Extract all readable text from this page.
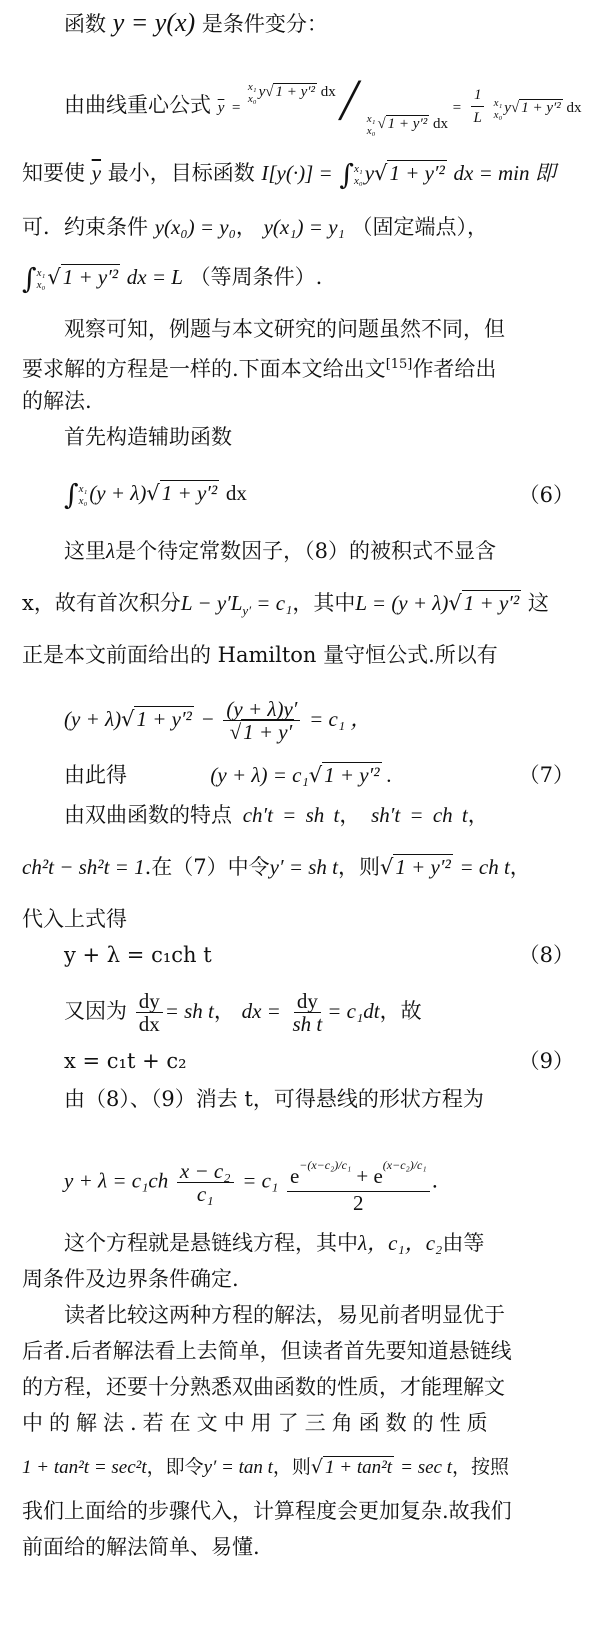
函数 y = y(x) 是条件变分：
由曲线重心公式 $\overline{y}$ =
$^{x_1 x_0 y√ 1 + y'^2 dx}$ ╱ $_{x_1 x_0 √ 1 + y'^2 dx} = \frac{1}{L}$
x₁
x₀ y√ 1 + y′² dx
知要使 $\overline{y}$ 最小，目标函数 I[y(·)] = ∫ x₁
x₀ y√1 + y′² dx = min 即
可．约束条件 y(x₀) = y₀， y(x₁) = y₁ （固定端点），
∫ x₁
x₀ √1 + y′² dx = L （等周条件）.
观察可知，例题与本文研究的问题虽然不同，但
要求解的方程是一样的.下面本文给出文[15]作者给出
的解法.
首先构造辅助函数
∫ x₁
x₀ (y + λ)√1 + y′² dx	（6）
这里λ是个待定常数因子，（8）的被积式不显含
x，故有首次积分$L - y'L_{y'} = c_1$，其中L = (y + λ)√1 + y′² 这
正是本文前面给出的 Hamilton 量守恒公式.所以有
$(y + \lambda)√1 + y'^2 - \frac{(y + \lambda)y'}{√1 + y'} = c_1$ ，
由此得	(y + λ) = c₁√1 + y′² .	（7）
由双曲函数的特点 ch′t = sh t， sh′t = ch t，
ch²t − sh²t = 1.在（7）中令y′ = sh t，则√1 + y′² = ch t，
代入上式得
y + λ = c₁ch t	（8）
又因为 $\frac{dy}{dx}$ = sh t， dx = $\frac{dy}{\text{sh t}} = c_1dt$，故
x = c₁t + c₂	（9）
由（8）、（9）消去 t，可得悬线的形状方程为
$y + \lambda = c_1ch \frac{\text{x − c₂}}{\text{c₁}} = c_1 \frac{e^{-(x-c_2)/c_1} + e^{(x-c_2)/c_1}}{2}$ .
这个方程就是悬链线方程，其中λ，c₁，c₂由等
周条件及边界条件确定.
读者比较这两种方程的解法，易见前者明显优于
后者.后者解法看上去简单，但读者首先要知道悬链线
的方程，还要十分熟悉双曲函数的性质，才能理解文
中的解法.若在文中用了三角函数的性质
1 + tan²t = sec²t，即令y′ = tan t，则√ 1 + tan²t = sec t，按照
我们上面给的步骤代入，计算程度会更加复杂.故我们
前面给的解法简单、易懂.
